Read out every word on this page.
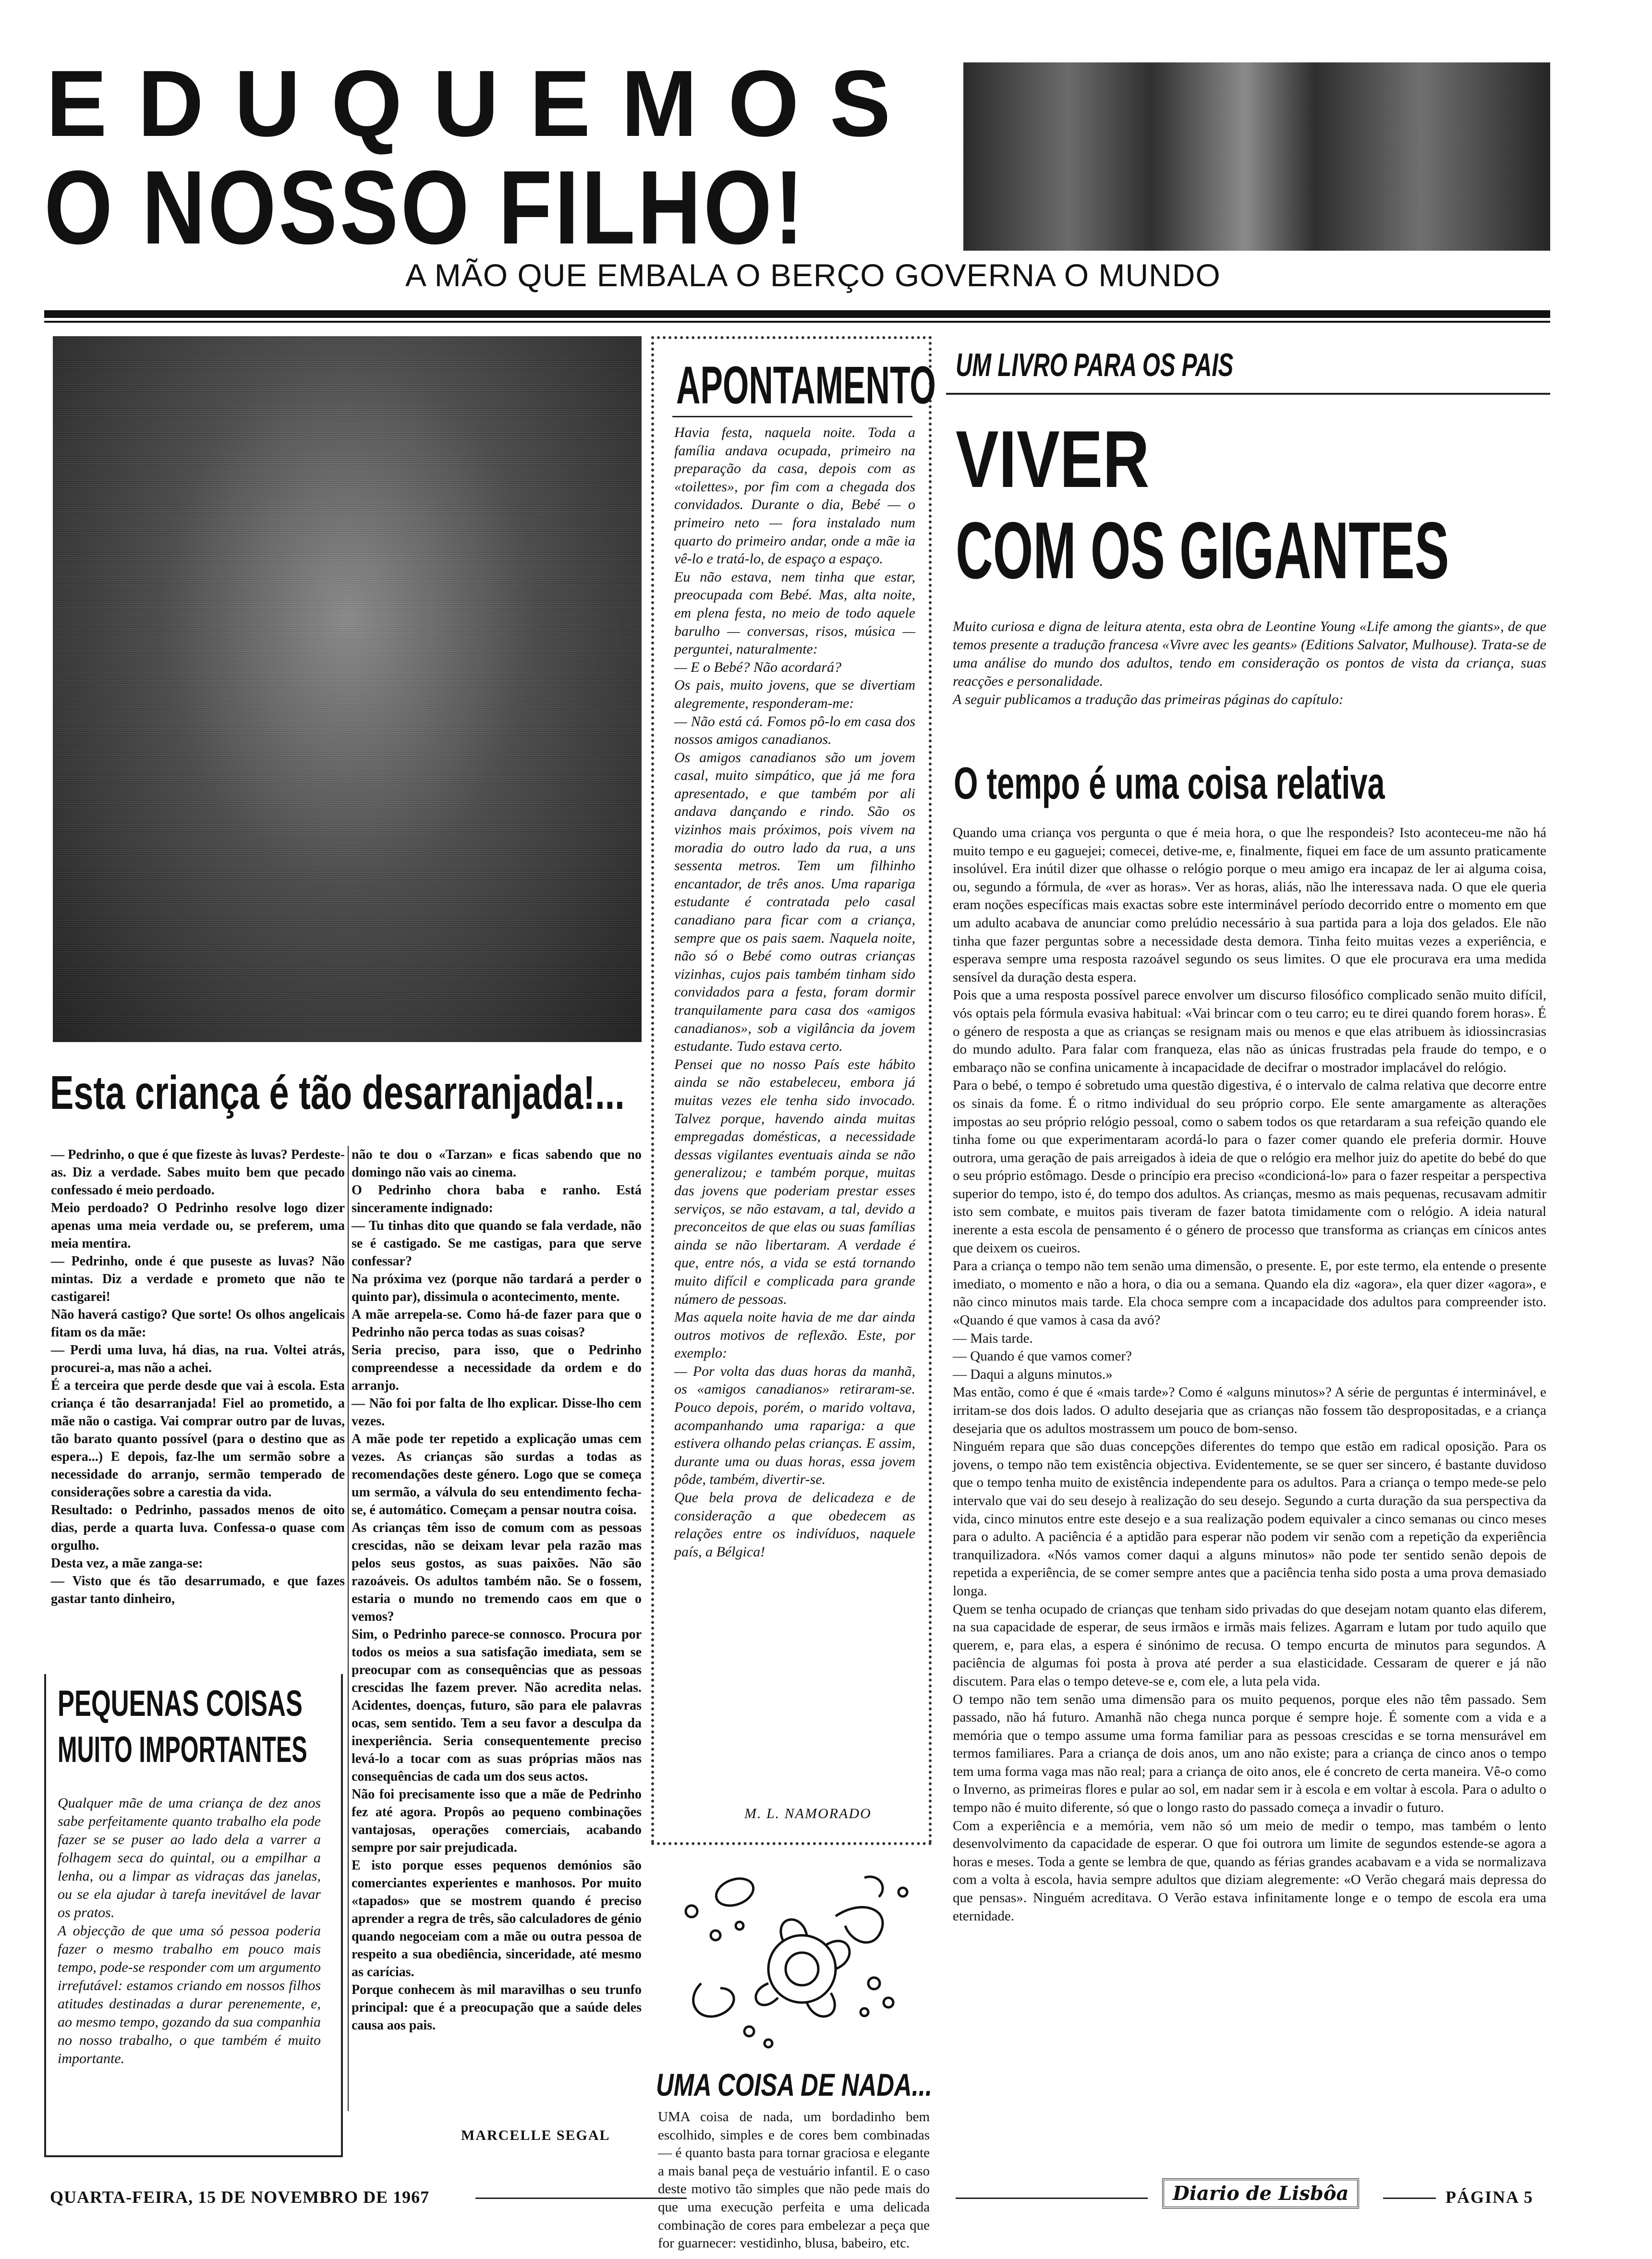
EDUQUEMOS
O NOSSO FILHO!
A MÃO QUE EMBALA O BERÇO GOVERNA O MUNDO
Esta criança é tão desarranjada!...
— Pedrinho, o que é que fizeste às luvas? Perdeste-as. Diz a verdade. Sabes muito bem que pecado confessado é meio perdoado.
Meio perdoado? O Pedrinho resolve logo dizer apenas uma meia verdade ou, se preferem, uma meia mentira.
— Pedrinho, onde é que puseste as luvas? Não mintas. Diz a verdade e prometo que não te castigarei!
Não haverá castigo? Que sorte! Os olhos angelicais fitam os da mãe:
— Perdi uma luva, há dias, na rua. Voltei atrás, procurei-a, mas não a achei.
É a terceira que perde desde que vai à escola. Esta criança é tão desarranjada! Fiel ao prometido, a mãe não o castiga. Vai comprar outro par de luvas, tão barato quanto possível (para o destino que as espera...) E depois, faz-lhe um sermão sobre a necessidade do arranjo, sermão temperado de considerações sobre a carestia da vida.
Resultado: o Pedrinho, passados menos de oito dias, perde a quarta luva. Confessa-o quase com orgulho.
Desta vez, a mãe zanga-se:
— Visto que és tão desarrumado, e que fazes gastar tanto dinheiro,
não te dou o «Tarzan» e ficas sabendo que no domingo não vais ao cinema.
O Pedrinho chora baba e ranho. Está sinceramente indignado:
— Tu tinhas dito que quando se fala verdade, não se é castigado. Se me castigas, para que serve confessar?
Na próxima vez (porque não tardará a perder o quinto par), dissimula o acontecimento, mente.
A mãe arrepela-se. Como há-de fazer para que o Pedrinho não perca todas as suas coisas?
Seria preciso, para isso, que o Pedrinho compreendesse a necessidade da ordem e do arranjo.
— Não foi por falta de lho explicar. Disse-lho cem vezes.
A mãe pode ter repetido a explicação umas cem vezes. As crianças são surdas a todas as recomendações deste género. Logo que se começa um sermão, a válvula do seu entendimento fecha-se, é automático. Começam a pensar noutra coisa.
As crianças têm isso de comum com as pessoas crescidas, não se deixam levar pela razão mas pelos seus gostos, as suas paixões. Não são razoáveis. Os adultos também não. Se o fossem, estaria o mundo no tremendo caos em que o vemos?
Sim, o Pedrinho parece-se connosco. Procura por todos os meios a sua satisfação imediata, sem se preocupar com as consequências que as pessoas crescidas lhe fazem prever. Não acredita nelas. Acidentes, doenças, futuro, são para ele palavras ocas, sem sentido. Tem a seu favor a desculpa da inexperiência. Seria consequentemente preciso levá-lo a tocar com as suas próprias mãos nas consequências de cada um dos seus actos.
Não foi precisamente isso que a mãe de Pedrinho fez até agora. Propôs ao pequeno combinações vantajosas, operações comerciais, acabando sempre por sair prejudicada.
E isto porque esses pequenos demónios são comerciantes experientes e manhosos. Por muito «tapados» que se mostrem quando é preciso aprender a regra de três, são calculadores de génio quando negoceiam com a mãe ou outra pessoa de respeito a sua obediência, sinceridade, até mesmo as carícias.
Porque conhecem às mil maravilhas o seu trunfo principal: que é a preocupação que a saúde deles causa aos pais.
MARCELLE SEGAL
PEQUENAS COISAS
MUITO IMPORTANTES
Qualquer mãe de uma criança de dez anos sabe perfeitamente quanto trabalho ela pode fazer se se puser ao lado dela a varrer a folhagem seca do quintal, ou a empilhar a lenha, ou a limpar as vidraças das janelas, ou se ela ajudar à tarefa inevitável de lavar os pratos.
A objecção de que uma só pessoa poderia fazer o mesmo trabalho em pouco mais tempo, pode-se responder com um argumento irrefutável: estamos criando em nossos filhos atitudes destinadas a durar perenemente, e, ao mesmo tempo, gozando da sua companhia no nosso trabalho, o que também é muito importante.
APONTAMENTO
Havia festa, naquela noite. Toda a família andava ocupada, primeiro na preparação da casa, depois com as «toilettes», por fim com a chegada dos convidados. Durante o dia, Bebé — o primeiro neto — fora instalado num quarto do primeiro andar, onde a mãe ia vê-lo e tratá-lo, de espaço a espaço.
Eu não estava, nem tinha que estar, preocupada com Bebé. Mas, alta noite, em plena festa, no meio de todo aquele barulho — conversas, risos, música — perguntei, naturalmente:
— E o Bebé? Não acordará?
Os pais, muito jovens, que se divertiam alegremente, responderam-me:
— Não está cá. Fomos pô-lo em casa dos nossos amigos canadianos.
Os amigos canadianos são um jovem casal, muito simpático, que já me fora apresentado, e que também por ali andava dançando e rindo. São os vizinhos mais próximos, pois vivem na moradia do outro lado da rua, a uns sessenta metros. Tem um filhinho encantador, de três anos. Uma rapariga estudante é contratada pelo casal canadiano para ficar com a criança, sempre que os pais saem. Naquela noite, não só o Bebé como outras crianças vizinhas, cujos pais também tinham sido convidados para a festa, foram dormir tranquilamente para casa dos «amigos canadianos», sob a vigilância da jovem estudante. Tudo estava certo.
Pensei que no nosso País este hábito ainda se não estabeleceu, embora já muitas vezes ele tenha sido invocado. Talvez porque, havendo ainda muitas empregadas domésticas, a necessidade dessas vigilantes eventuais ainda se não generalizou; e também porque, muitas das jovens que poderiam prestar esses serviços, se não estavam, a tal, devido a preconceitos de que elas ou suas famílias ainda se não libertaram. A verdade é que, entre nós, a vida se está tornando muito difícil e complicada para grande número de pessoas.
Mas aquela noite havia de me dar ainda outros motivos de reflexão. Este, por exemplo:
— Por volta das duas horas da manhã, os «amigos canadianos» retiraram-se. Pouco depois, porém, o marido voltava, acompanhando uma rapariga: a que estivera olhando pelas crianças. E assim, durante uma ou duas horas, essa jovem pôde, também, divertir-se.
Que bela prova de delicadeza e de consideração a que obedecem as relações entre os indivíduos, naquele país, a Bélgica!
M. L. NAMORADO
UMA COISA DE NADA...
UMA coisa de nada, um bordadinho bem escolhido, simples e de cores bem combinadas — é quanto basta para tornar graciosa e elegante a mais banal peça de vestuário infantil. E o caso deste motivo tão simples que não pede mais do que uma execução perfeita e uma delicada combinação de cores para embelezar a peça que for guarnecer: vestidinho, blusa, babeiro, etc.
UM LIVRO PARA OS PAIS
VIVER
COM OS GIGANTES
Muito curiosa e digna de leitura atenta, esta obra de Leontine Young «Life among the giants», de que temos presente a tradução francesa «Vivre avec les geants» (Editions Salvator, Mulhouse). Trata-se de uma análise do mundo dos adultos, tendo em consideração os pontos de vista da criança, suas reacções e personalidade.
A seguir publicamos a tradução das primeiras páginas do capítulo:
O tempo é uma coisa relativa
Quando uma criança vos pergunta o que é meia hora, o que lhe respondeis? Isto aconteceu-me não há muito tempo e eu gaguejei; comecei, detive-me, e, finalmente, fiquei em face de um assunto praticamente insolúvel. Era inútil dizer que olhasse o relógio porque o meu amigo era incapaz de ler ai alguma coisa, ou, segundo a fórmula, de «ver as horas». Ver as horas, aliás, não lhe interessava nada. O que ele queria eram noções específicas mais exactas sobre este interminável período decorrido entre o momento em que um adulto acabava de anunciar como prelúdio necessário à sua partida para a loja dos gelados. Ele não tinha que fazer perguntas sobre a necessidade desta demora. Tinha feito muitas vezes a experiência, e esperava sempre uma resposta razoável segundo os seus limites. O que ele procurava era uma medida sensível da duração desta espera.
Pois que a uma resposta possível parece envolver um discurso filosófico complicado senão muito difícil, vós optais pela fórmula evasiva habitual: «Vai brincar com o teu carro; eu te direi quando forem horas». É o género de resposta a que as crianças se resignam mais ou menos e que elas atribuem às idiossincrasias do mundo adulto. Para falar com franqueza, elas não as únicas frustradas pela fraude do tempo, e o embaraço não se confina unicamente à incapacidade de decifrar o mostrador implacável do relógio.
Para o bebé, o tempo é sobretudo uma questão digestiva, é o intervalo de calma relativa que decorre entre os sinais da fome. É o ritmo individual do seu próprio corpo. Ele sente amargamente as alterações impostas ao seu próprio relógio pessoal, como o sabem todos os que retardaram a sua refeição quando ele tinha fome ou que experimentaram acordá-lo para o fazer comer quando ele preferia dormir. Houve outrora, uma geração de pais arreigados à ideia de que o relógio era melhor juiz do apetite do bebé do que o seu próprio estômago. Desde o princípio era preciso «condicioná-lo» para o fazer respeitar a perspectiva superior do tempo, isto é, do tempo dos adultos. As crianças, mesmo as mais pequenas, recusavam admitir isto sem combate, e muitos pais tiveram de fazer batota timidamente com o relógio. A ideia natural inerente a esta escola de pensamento é o género de processo que transforma as crianças em cínicos antes que deixem os cueiros.
Para a criança o tempo não tem senão uma dimensão, o presente. E, por este termo, ela entende o presente imediato, o momento e não a hora, o dia ou a semana. Quando ela diz «agora», ela quer dizer «agora», e não cinco minutos mais tarde. Ela choca sempre com a incapacidade dos adultos para compreender isto. «Quando é que vamos à casa da avó?
— Mais tarde.
— Quando é que vamos comer?
— Daqui a alguns minutos.»
Mas então, como é que é «mais tarde»? Como é «alguns minutos»? A série de perguntas é interminável, e irritam-se dos dois lados. O adulto desejaria que as crianças não fossem tão despropositadas, e a criança desejaria que os adultos mostrassem um pouco de bom-senso.
Ninguém repara que são duas concepções diferentes do tempo que estão em radical oposição. Para os jovens, o tempo não tem existência objectiva. Evidentemente, se se quer ser sincero, é bastante duvidoso que o tempo tenha muito de existência independente para os adultos. Para a criança o tempo mede-se pelo intervalo que vai do seu desejo à realização do seu desejo. Segundo a curta duração da sua perspectiva da vida, cinco minutos entre este desejo e a sua realização podem equivaler a cinco semanas ou cinco meses para o adulto. A paciência é a aptidão para esperar não podem vir senão com a repetição da experiência tranquilizadora. «Nós vamos comer daqui a alguns minutos» não pode ter sentido senão depois de repetida a experiência, de se comer sempre antes que a paciência tenha sido posta a uma prova demasiado longa.
Quem se tenha ocupado de crianças que tenham sido privadas do que desejam notam quanto elas diferem, na sua capacidade de esperar, de seus irmãos e irmãs mais felizes. Agarram e lutam por tudo aquilo que querem, e, para elas, a espera é sinónimo de recusa. O tempo encurta de minutos para segundos. A paciência de algumas foi posta à prova até perder a sua elasticidade. Cessaram de querer e já não discutem. Para elas o tempo deteve-se e, com ele, a luta pela vida.
O tempo não tem senão uma dimensão para os muito pequenos, porque eles não têm passado. Sem passado, não há futuro. Amanhã não chega nunca porque é sempre hoje. É somente com a vida e a memória que o tempo assume uma forma familiar para as pessoas crescidas e se torna mensurável em termos familiares. Para a criança de dois anos, um ano não existe; para a criança de cinco anos o tempo tem uma forma vaga mas não real; para a criança de oito anos, ele é concreto de certa maneira. Vê-o como o Inverno, as primeiras flores e pular ao sol, em nadar sem ir à escola e em voltar à escola. Para o adulto o tempo não é muito diferente, só que o longo rasto do passado começa a invadir o futuro.
Com a experiência e a memória, vem não só um meio de medir o tempo, mas também o lento desenvolvimento da capacidade de esperar. O que foi outrora um limite de segundos estende-se agora a horas e meses. Toda a gente se lembra de que, quando as férias grandes acabavam e a vida se normalizava com a volta à escola, havia sempre adultos que diziam alegremente: «O Verão chegará mais depressa do que pensas». Ninguém acreditava. O Verão estava infinitamente longe e o tempo de escola era uma eternidade.
QUARTA-FEIRA, 15 DE NOVEMBRO DE 1967	Diario de Lisbôa	PÁGINA 5
